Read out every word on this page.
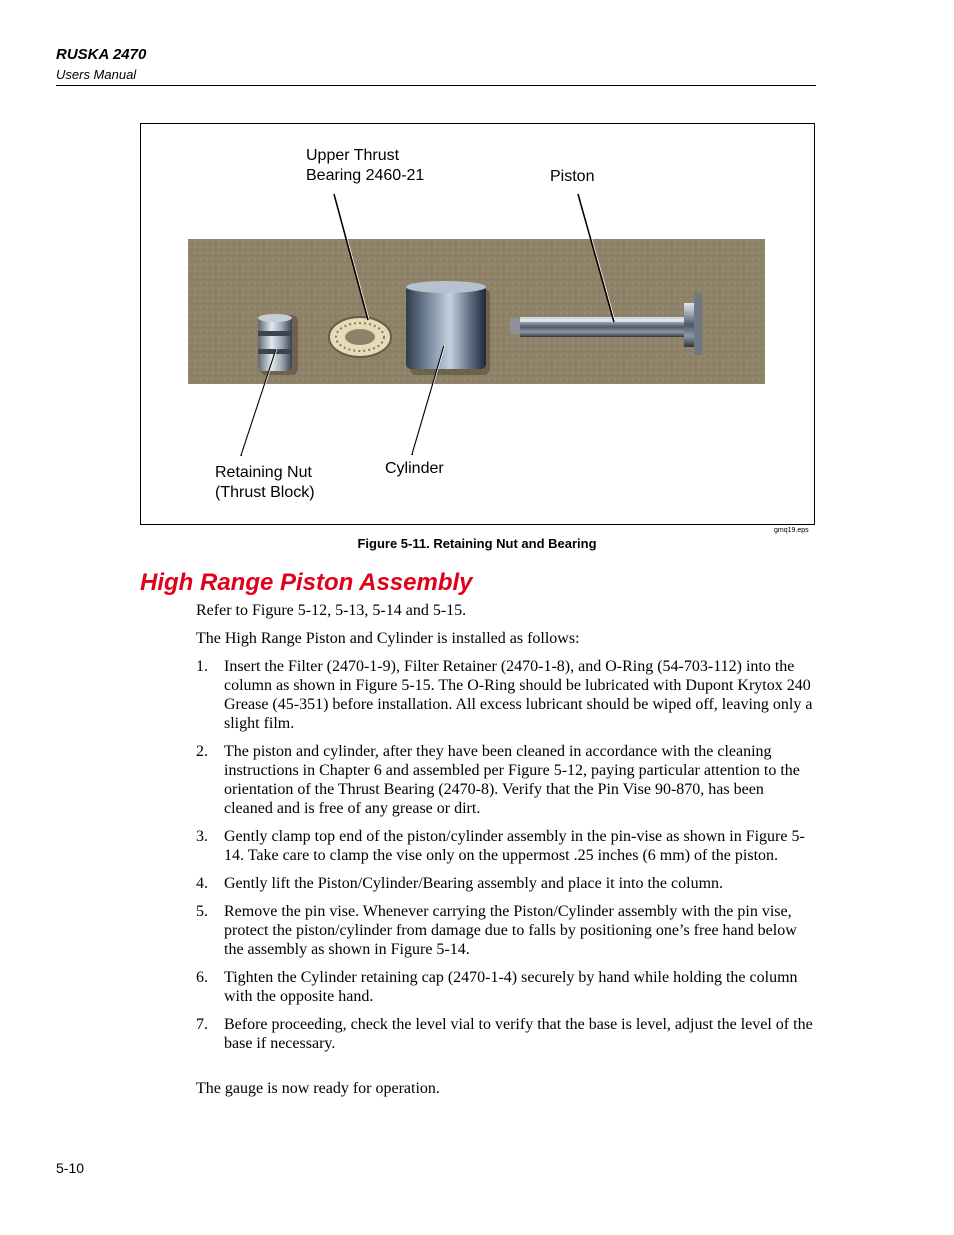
RUSKA 2470
Users Manual
Upper Thrust
Bearing 2460-21	Piston
Retaining Nut
(Thrust Block)
Cylinder
gmq19.eps
Figure 5-11. Retaining Nut and Bearing
High Range Piston Assembly
Refer to Figure 5-12, 5-13, 5-14 and 5-15.
The High Range Piston and Cylinder is installed as follows:
1. Insert the Filter (2470-1-9), Filter Retainer (2470-1-8), and O-Ring (54-703-112) into the column as shown in Figure 5-15. The O-Ring should be lubricated with Dupont Krytox 240 Grease (45-351) before installation. All excess lubricant should be wiped off, leaving only a slight film.
2. The piston and cylinder, after they have been cleaned in accordance with the cleaning instructions in Chapter 6 and assembled per Figure 5-12, paying particular attention to the orientation of the Thrust Bearing (2470-8). Verify that the Pin Vise 90-870, has been cleaned and is free of any grease or dirt.
3. Gently clamp top end of the piston/cylinder assembly in the pin-vise as shown in Figure 5-14. Take care to clamp the vise only on the uppermost .25 inches (6 mm) of the piston.
4. Gently lift the Piston/Cylinder/Bearing assembly and place it into the column.
5. Remove the pin vise. Whenever carrying the Piston/Cylinder assembly with the pin vise, protect the piston/cylinder from damage due to falls by positioning one’s free hand below the assembly as shown in Figure 5-14.
6. Tighten the Cylinder retaining cap (2470-1-4) securely by hand while holding the column with the opposite hand.
7. Before proceeding, check the level vial to verify that the base is level, adjust the level of the base if necessary.
The gauge is now ready for operation.
5-10
